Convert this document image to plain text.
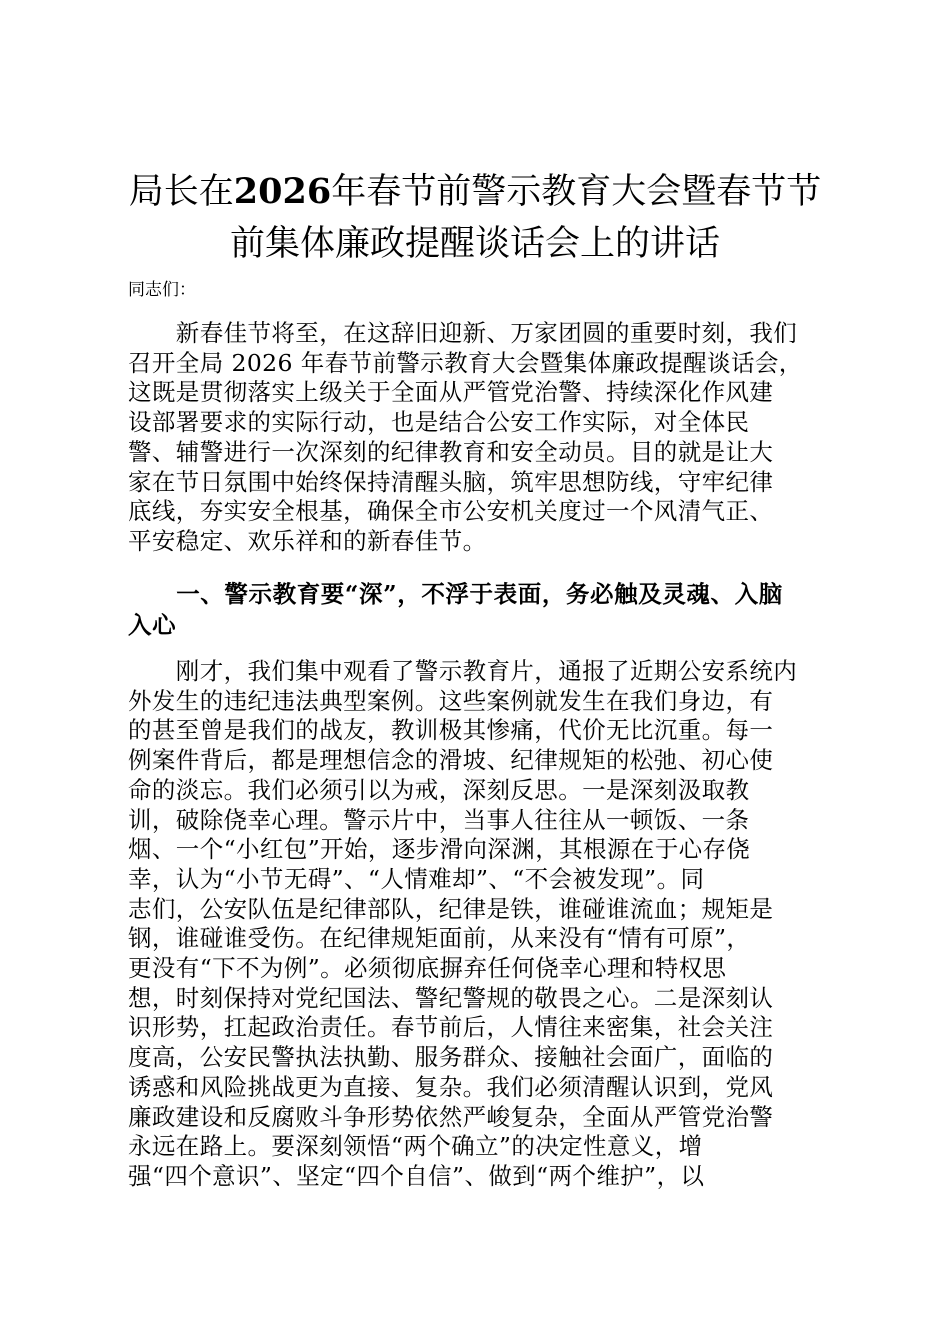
局长在2026年春节前警示教育大会暨春节节
前集体廉政提醒谈话会上的讲话
同志们：
　　新春佳节将至，在这辞旧迎新、万家团圆的重要时刻，我们
召开全局 2026 年春节前警示教育大会暨集体廉政提醒谈话会，
这既是贯彻落实上级关于全面从严管党治警、持续深化作风建
设部署要求的实际行动，也是结合公安工作实际，对全体民
警、辅警进行一次深刻的纪律教育和安全动员。目的就是让大
家在节日氛围中始终保持清醒头脑，筑牢思想防线，守牢纪律
底线，夯实安全根基，确保全市公安机关度过一个风清气正、
平安稳定、欢乐祥和的新春佳节。
　　一、警示教育要“深”，不浮于表面，务必触及灵魂、入脑
入心
　　刚才，我们集中观看了警示教育片，通报了近期公安系统内
外发生的违纪违法典型案例。这些案例就发生在我们身边，有
的甚至曾是我们的战友，教训极其惨痛，代价无比沉重。每一
例案件背后，都是理想信念的滑坡、纪律规矩的松弛、初心使
命的淡忘。我们必须引以为戒，深刻反思。一是深刻汲取教
训，破除侥幸心理。警示片中，当事人往往从一顿饭、一条
烟、一个“小红包”开始，逐步滑向深渊，其根源在于心存侥
幸，认为“小节无碍”、“人情难却”、“不会被发现”。同
志们，公安队伍是纪律部队，纪律是铁，谁碰谁流血；规矩是
钢，谁碰谁受伤。在纪律规矩面前，从来没有“情有可原”，
更没有“下不为例”。必须彻底摒弃任何侥幸心理和特权思
想，时刻保持对党纪国法、警纪警规的敬畏之心。二是深刻认
识形势，扛起政治责任。春节前后，人情往来密集，社会关注
度高，公安民警执法执勤、服务群众、接触社会面广，面临的
诱惑和风险挑战更为直接、复杂。我们必须清醒认识到，党风
廉政建设和反腐败斗争形势依然严峻复杂，全面从严管党治警
永远在路上。要深刻领悟“两个确立”的决定性意义，增
强“四个意识”、坚定“四个自信”、做到“两个维护”，以
